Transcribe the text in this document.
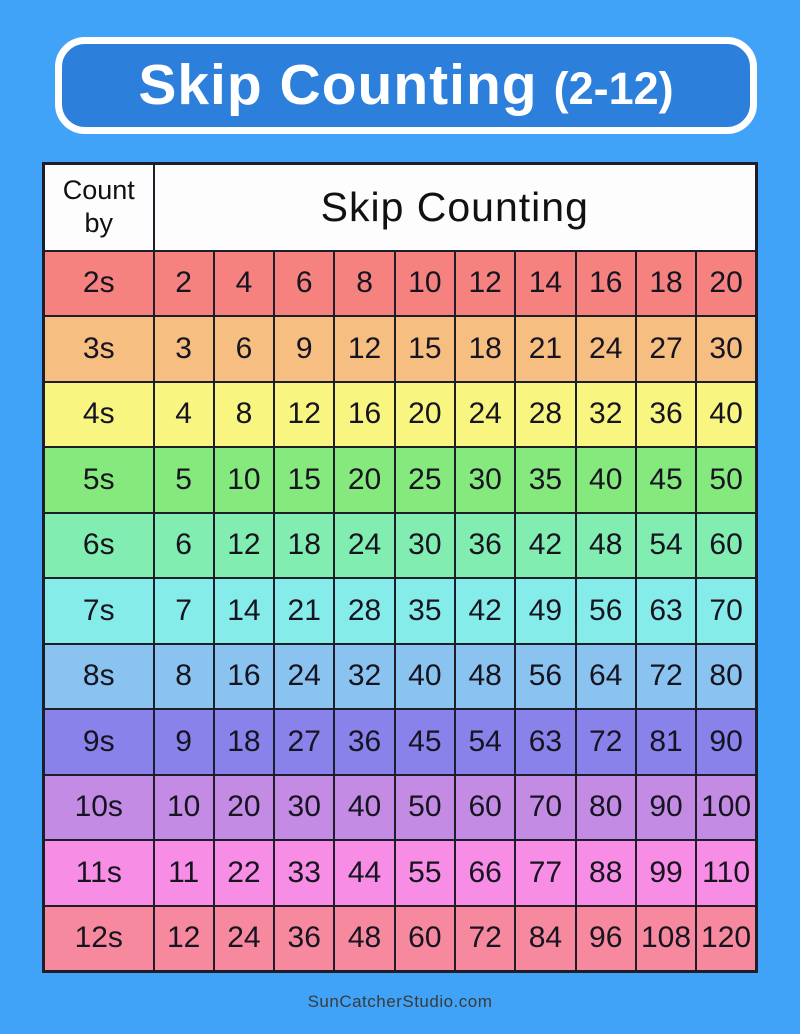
Skip Counting (2-12)
Count by	Skip Counting									
2s	2	4	6	8	10	12	14	16	18	20
3s	3	6	9	12	15	18	21	24	27	30
4s	4	8	12	16	20	24	28	32	36	40
5s	5	10	15	20	25	30	35	40	45	50
6s	6	12	18	24	30	36	42	48	54	60
7s	7	14	21	28	35	42	49	56	63	70
8s	8	16	24	32	40	48	56	64	72	80
9s	9	18	27	36	45	54	63	72	81	90
10s	10	20	30	40	50	60	70	80	90	100
11s	11	22	33	44	55	66	77	88	99	110
12s	12	24	36	48	60	72	84	96	108	120
SunCatcherStudio.com
